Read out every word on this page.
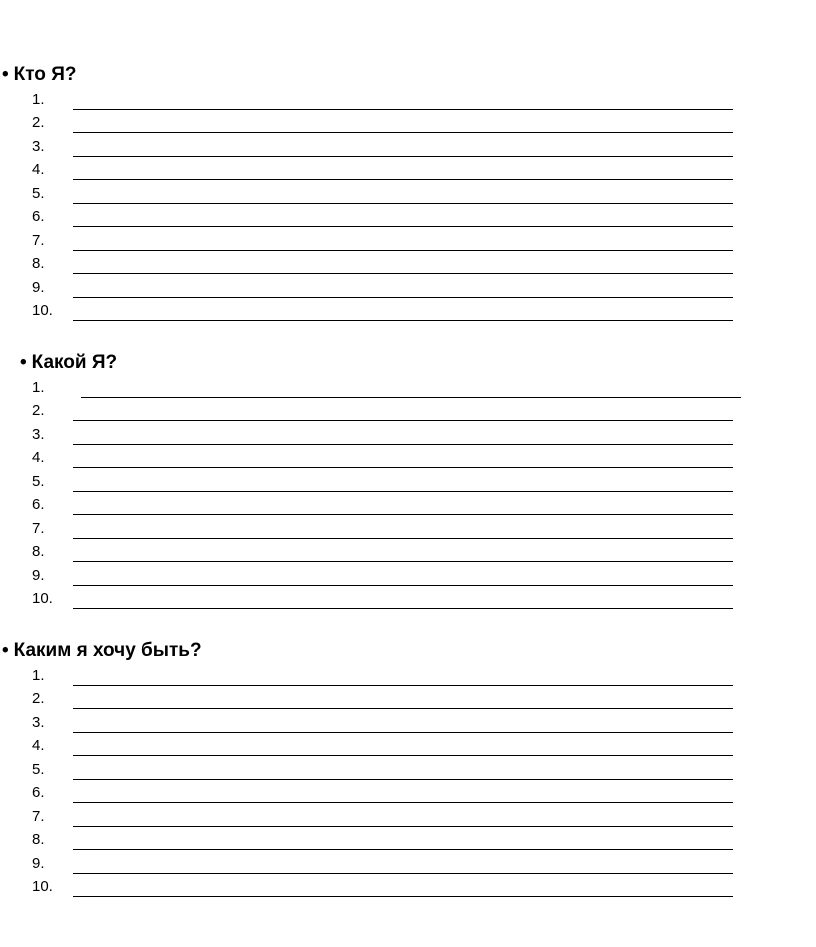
• Кто Я?
1.
2.
3.
4.
5.
6.
7.
8.
9.
10.
• Какой Я?
1.
2.
3.
4.
5.
6.
7.
8.
9.
10.
• Каким я хочу быть?
1.
2.
3.
4.
5.
6.
7.
8.
9.
10.
